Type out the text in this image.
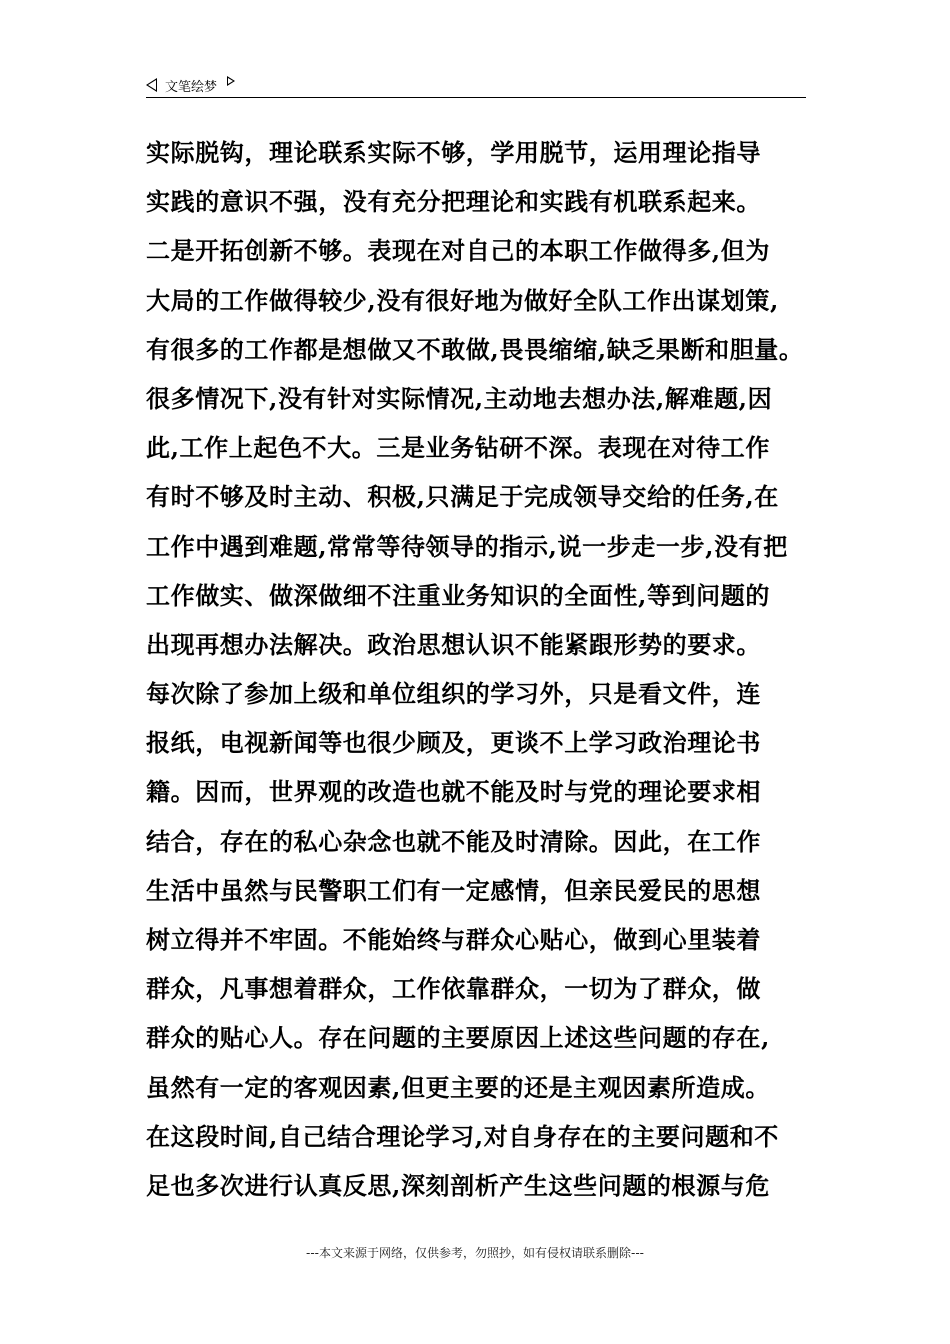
文笔绘梦
实际脱钩，理论联系实际不够，学用脱节，运用理论指导
实践的意识不强，没有充分把理论和实践有机联系起来。
二是开拓创新不够。表现在对自己的本职工作做得多,但为
大局的工作做得较少,没有很好地为做好全队工作出谋划策,
有很多的工作都是想做又不敢做,畏畏缩缩,缺乏果断和胆量。
很多情况下,没有针对实际情况,主动地去想办法,解难题,因
此,工作上起色不大。三是业务钻研不深。表现在对待工作
有时不够及时主动、积极,只满足于完成领导交给的任务,在
工作中遇到难题,常常等待领导的指示,说一步走一步,没有把
工作做实、做深做细不注重业务知识的全面性,等到问题的
出现再想办法解决。政治思想认识不能紧跟形势的要求。
每次除了参加上级和单位组织的学习外，只是看文件，连
报纸，电视新闻等也很少顾及，更谈不上学习政治理论书
籍。因而，世界观的改造也就不能及时与党的理论要求相
结合，存在的私心杂念也就不能及时清除。因此，在工作
生活中虽然与民警职工们有一定感情，但亲民爱民的思想
树立得并不牢固。不能始终与群众心贴心，做到心里装着
群众，凡事想着群众，工作依靠群众，一切为了群众，做
群众的贴心人。存在问题的主要原因上述这些问题的存在,
虽然有一定的客观因素,但更主要的还是主观因素所造成。
在这段时间,自己结合理论学习,对自身存在的主要问题和不
足也多次进行认真反思,深刻剖析产生这些问题的根源与危
---本文来源于网络，仅供参考，勿照抄，如有侵权请联系删除---
